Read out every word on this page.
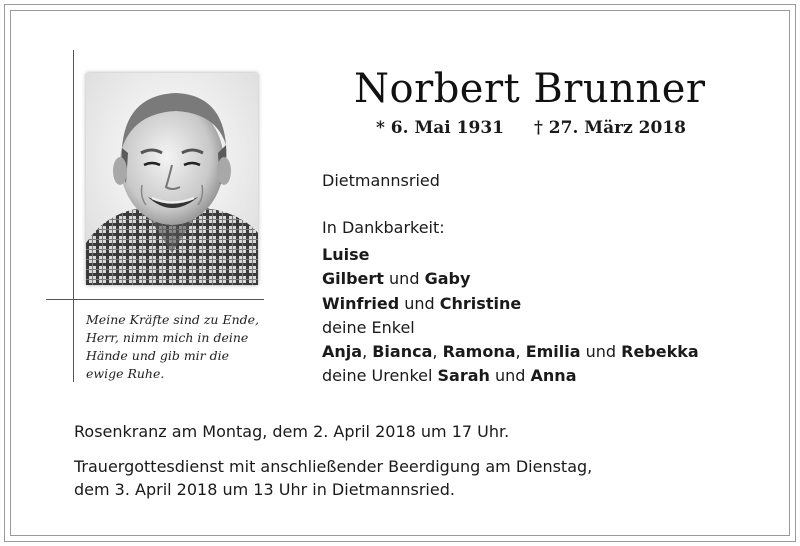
Meine Kräfte sind zu Ende,
Herr, nimm mich in deine
Hände und gib mir die
ewige Ruhe.
Norbert Brunner
* 6. Mai 1931 † 27. März 2018
Dietmannsried
In Dankbarkeit:
Luise
Gilbert und Gaby
Winfried und Christine
deine Enkel
Anja, Bianca, Ramona, Emilia und Rebekka
deine Urenkel Sarah und Anna
Rosenkranz am Montag, dem 2. April 2018 um 17 Uhr.
Trauergottesdienst mit anschließender Beerdigung am Dienstag,
dem 3. April 2018 um 13 Uhr in Dietmannsried.
